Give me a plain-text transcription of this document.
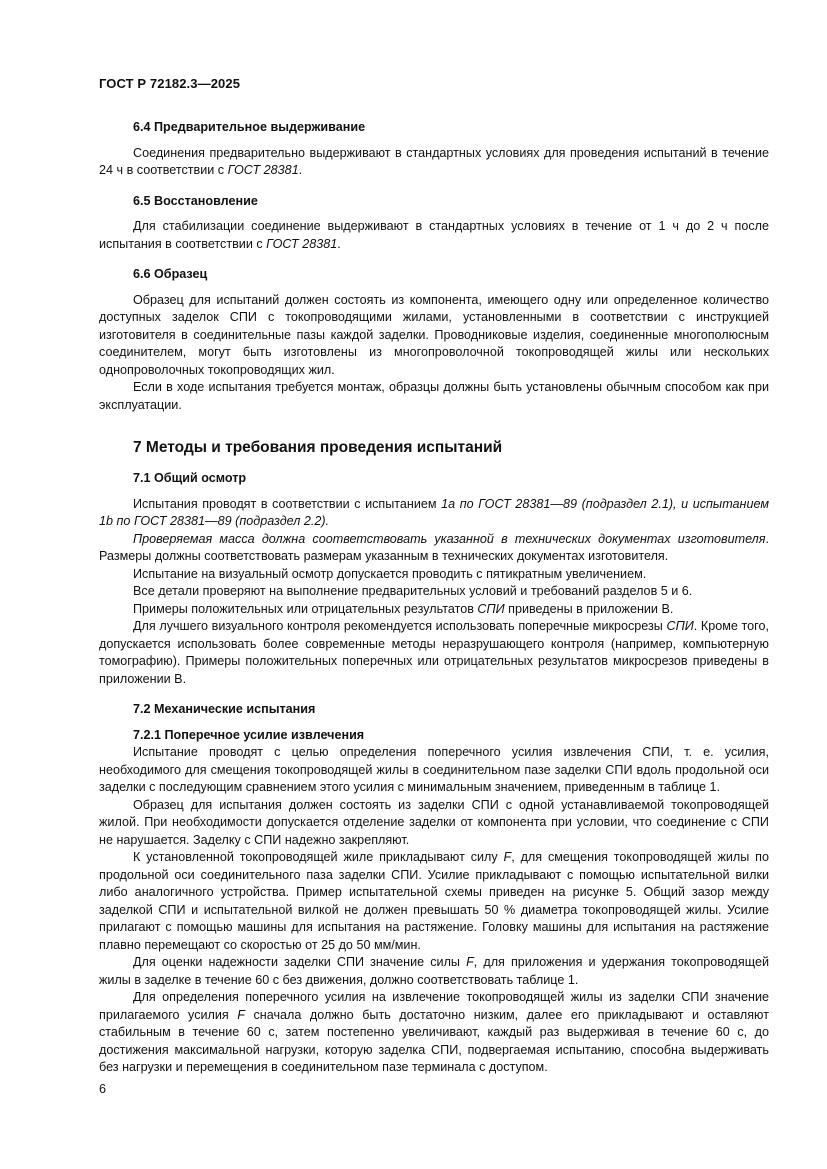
ГОСТ Р 72182.3—2025

6.4 Предварительное выдерживание

Соединения предварительно выдерживают в стандартных условиях для проведения испытаний в течение 24 ч в соответствии с ГОСТ 28381.

6.5 Восстановление

Для стабилизации соединение выдерживают в стандартных условиях в течение от 1 ч до 2 ч после испытания в соответствии с ГОСТ 28381.

6.6 Образец

Образец для испытаний должен состоять из компонента, имеющего одну или определенное количество доступных заделок СПИ с токопроводящими жилами, установленными в соответствии с инструкцией изготовителя в соединительные пазы каждой заделки. Проводниковые изделия, соединенные многополюсным соединителем, могут быть изготовлены из многопроволочной токопроводящей жилы или нескольких однопроволочных токопроводящих жил.

Если в ходе испытания требуется монтаж, образцы должны быть установлены обычным способом как при эксплуатации.

7 Методы и требования проведения испытаний

7.1 Общий осмотр

Испытания проводят в соответствии с испытанием 1a по ГОСТ 28381—89 (подраздел 2.1), и испытанием 1b по ГОСТ 28381—89 (подраздел 2.2).

Проверяемая масса должна соответствовать указанной в технических документах изготовителя. Размеры должны соответствовать размерам указанным в технических документах изготовителя.

Испытание на визуальный осмотр допускается проводить с пятикратным увеличением.

Все детали проверяют на выполнение предварительных условий и требований разделов 5 и 6.

Примеры положительных или отрицательных результатов СПИ приведены в приложении В.

Для лучшего визуального контроля рекомендуется использовать поперечные микросрезы СПИ. Кроме того, допускается использовать более современные методы неразрушающего контроля (например, компьютерную томографию). Примеры положительных поперечных или отрицательных результатов микросрезов приведены в приложении В.

7.2 Механические испытания

7.2.1 Поперечное усилие извлечения

Испытание проводят с целью определения поперечного усилия извлечения СПИ, т. е. усилия, необходимого для смещения токопроводящей жилы в соединительном пазе заделки СПИ вдоль продольной оси заделки с последующим сравнением этого усилия с минимальным значением, приведенным в таблице 1.

Образец для испытания должен состоять из заделки СПИ с одной устанавливаемой токопроводящей жилой. При необходимости допускается отделение заделки от компонента при условии, что соединение с СПИ не нарушается. Заделку с СПИ надежно закрепляют.

К установленной токопроводящей жиле прикладывают силу F, для смещения токопроводящей жилы по продольной оси соединительного паза заделки СПИ. Усилие прикладывают с помощью испытательной вилки либо аналогичного устройства. Пример испытательной схемы приведен на рисунке 5. Общий зазор между заделкой СПИ и испытательной вилкой не должен превышать 50 % диаметра токопроводящей жилы. Усилие прилагают с помощью машины для испытания на растяжение. Головку машины для испытания на растяжение плавно перемещают со скоростью от 25 до 50 мм/мин.

Для оценки надежности заделки СПИ значение силы F, для приложения и удержания токопроводящей жилы в заделке в течение 60 с без движения, должно соответствовать таблице 1.

Для определения поперечного усилия на извлечение токопроводящей жилы из заделки СПИ значение прилагаемого усилия F сначала должно быть достаточно низким, далее его прикладывают и оставляют стабильным в течение 60 с, затем постепенно увеличивают, каждый раз выдерживая в течение 60 с, до достижения максимальной нагрузки, которую заделка СПИ, подвергаемая испытанию, способна выдерживать без нагрузки и перемещения в соединительном пазе терминала с доступом.

6
